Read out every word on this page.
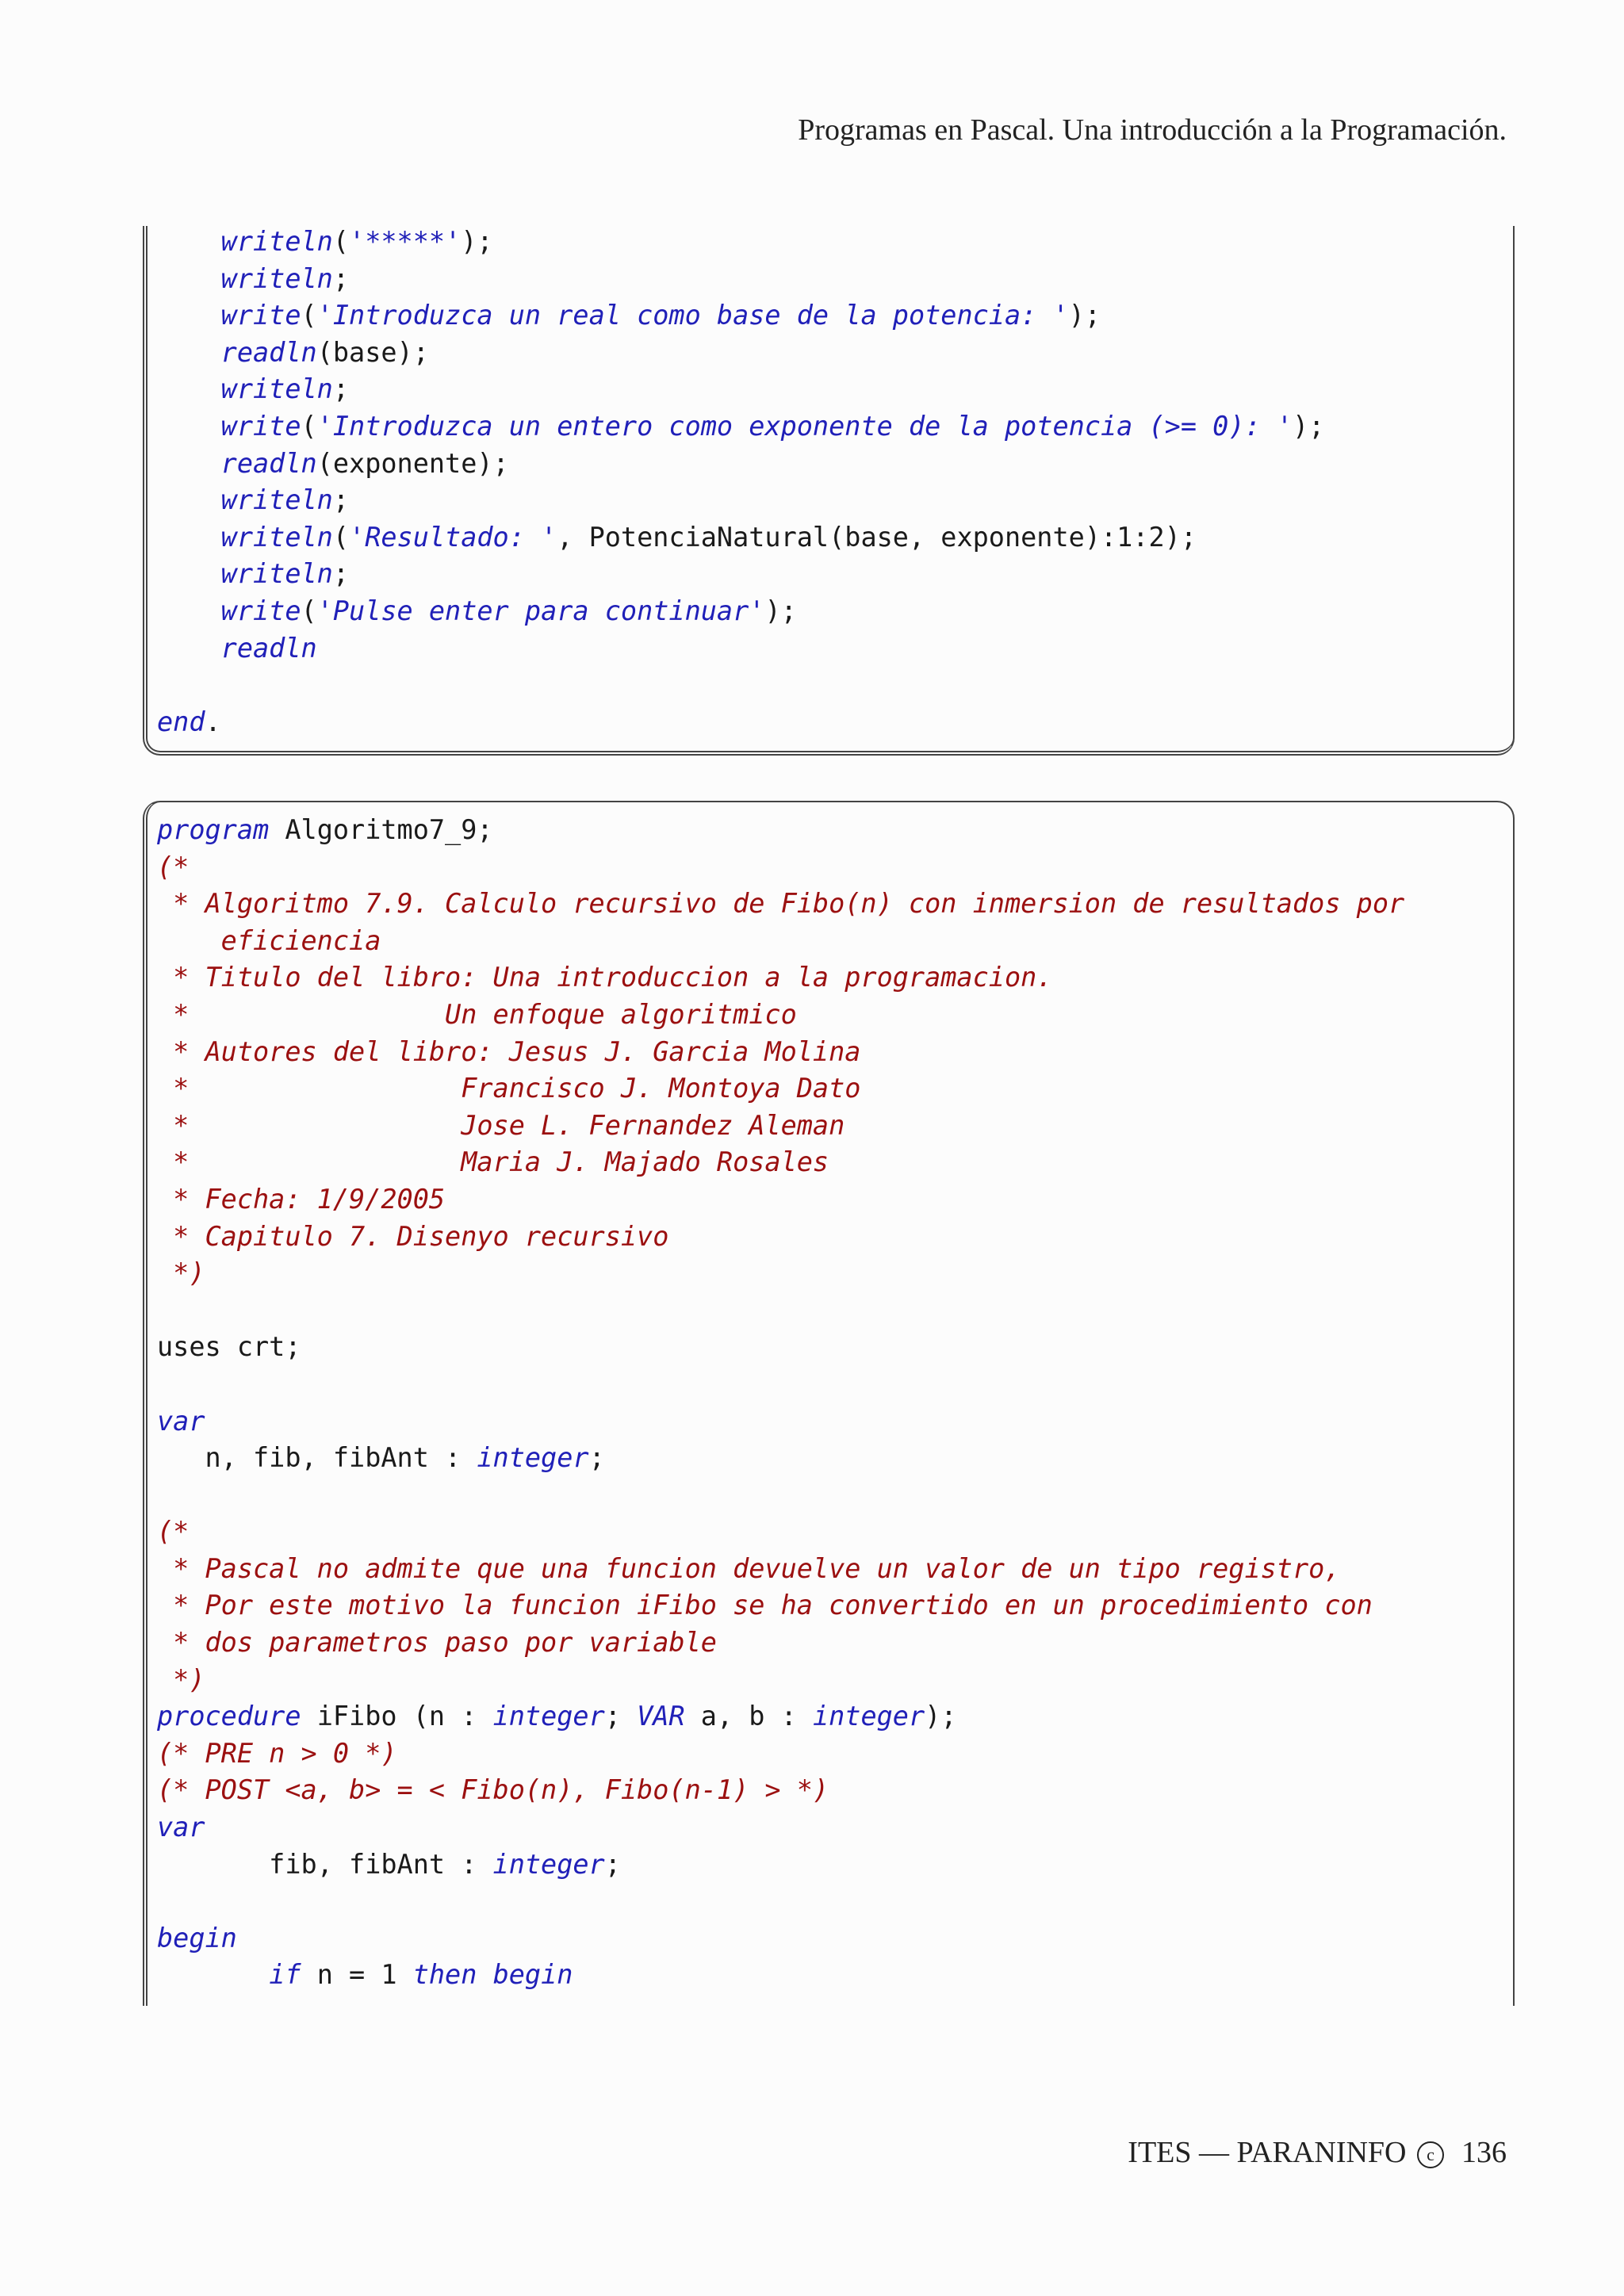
Programas en Pascal. Una introducción a la Programación.
writeln('*****');
writeln;
write('Introduzca un real como base de la potencia: ');
readln(base);
writeln;
write('Introduzca un entero como exponente de la potencia (>= 0): ');
readln(exponente);
writeln;
writeln('Resultado: ', PotenciaNatural(base, exponente):1:2);
writeln;
write('Pulse enter para continuar');
readln

end.
program Algoritmo7_9;
(*
* Algoritmo 7.9. Calculo recursivo de Fibo(n) con inmersion de resultados por
eficiencia
* Titulo del libro: Una introduccion a la programacion.
*                Un enfoque algoritmico
* Autores del libro: Jesus J. Garcia Molina
*                 Francisco J. Montoya Dato
*                 Jose L. Fernandez Aleman
*                 Maria J. Majado Rosales
* Fecha: 1/9/2005
* Capitulo 7. Disenyo recursivo
*)

uses crt;

var
n, fib, fibAnt : integer;

(*
* Pascal no admite que una funcion devuelve un valor de un tipo registro,
* Por este motivo la funcion iFibo se ha convertido en un procedimiento con
* dos parametros paso por variable
*)
procedure iFibo (n : integer; VAR a, b : integer);
(* PRE n > 0 *)
(* POST <a, b> = < Fibo(n), Fibo(n-1) > *)
var
fib, fibAnt : integer;

begin
if n = 1 then begin
ITES — PARANINFO c 136
